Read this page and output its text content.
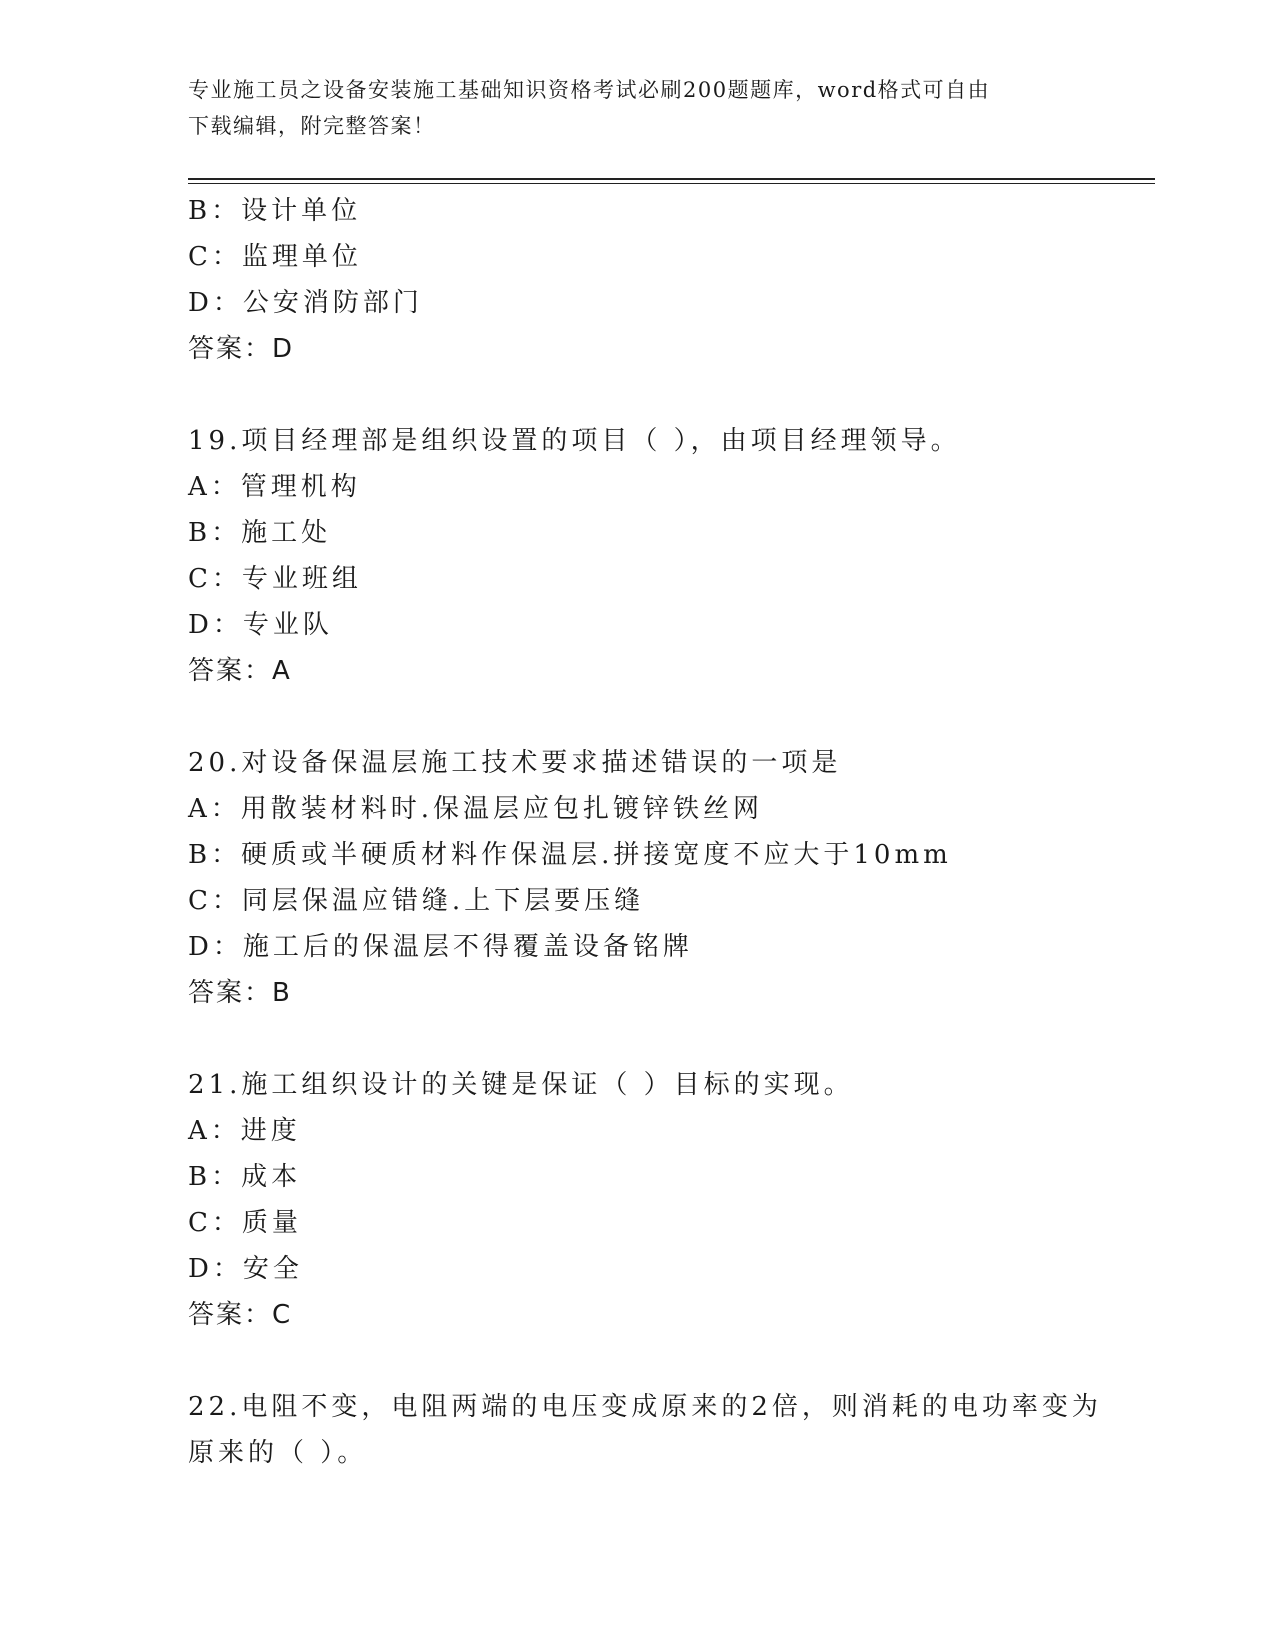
专业施工员之设备安装施工基础知识资格考试必刷200题题库，word格式可自由
下载编辑，附完整答案！
B：设计单位
C：监理单位
D：公安消防部门
答案：D
19.项目经理部是组织设置的项目（ ），由项目经理领导。
A：管理机构
B：施工处
C：专业班组
D：专业队
答案：A
20.对设备保温层施工技术要求描述错误的一项是
A：用散装材料时.保温层应包扎镀锌铁丝网
B：硬质或半硬质材料作保温层.拼接宽度不应大于10mm
C：同层保温应错缝.上下层要压缝
D：施工后的保温层不得覆盖设备铭牌
答案：B
21.施工组织设计的关键是保证（ ）目标的实现。
A：进度
B：成本
C：质量
D：安全
答案：C
22.电阻不变，电阻两端的电压变成原来的2倍，则消耗的电功率变为
原来的（ ）。
